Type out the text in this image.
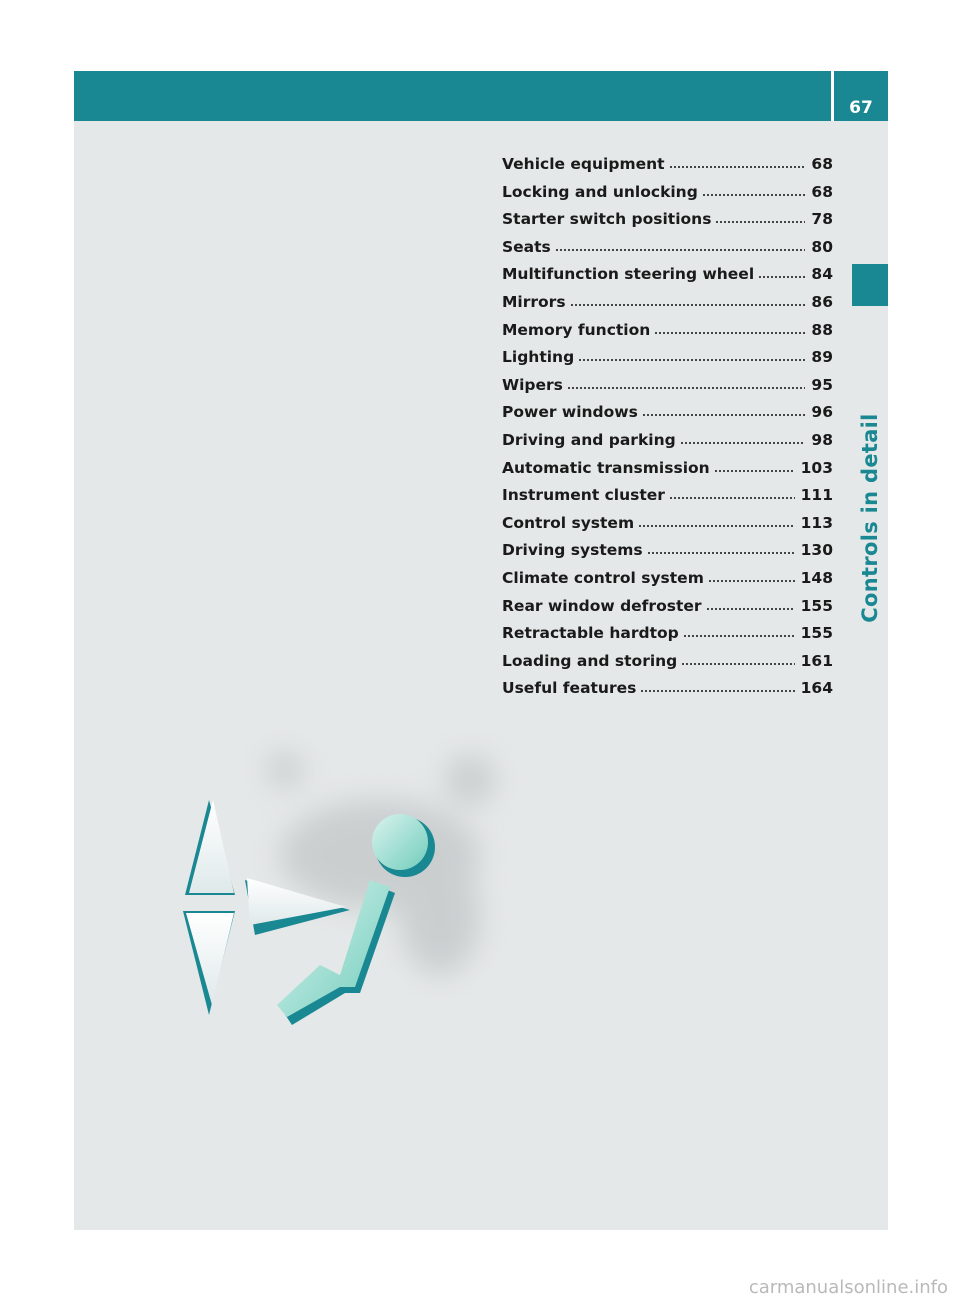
67
Controls in detail
Vehicle equipment	68
Locking and unlocking	68
Starter switch positions	78
Seats	80
Multifunction steering wheel	84
Mirrors	86
Memory function	88
Lighting	89
Wipers	95
Power windows	96
Driving and parking	98
Automatic transmission	103
Instrument cluster	111
Control system	113
Driving systems	130
Climate control system	148
Rear window defroster	155
Retractable hardtop	155
Loading and storing	161
Useful features	164
carmanualsonline.info
